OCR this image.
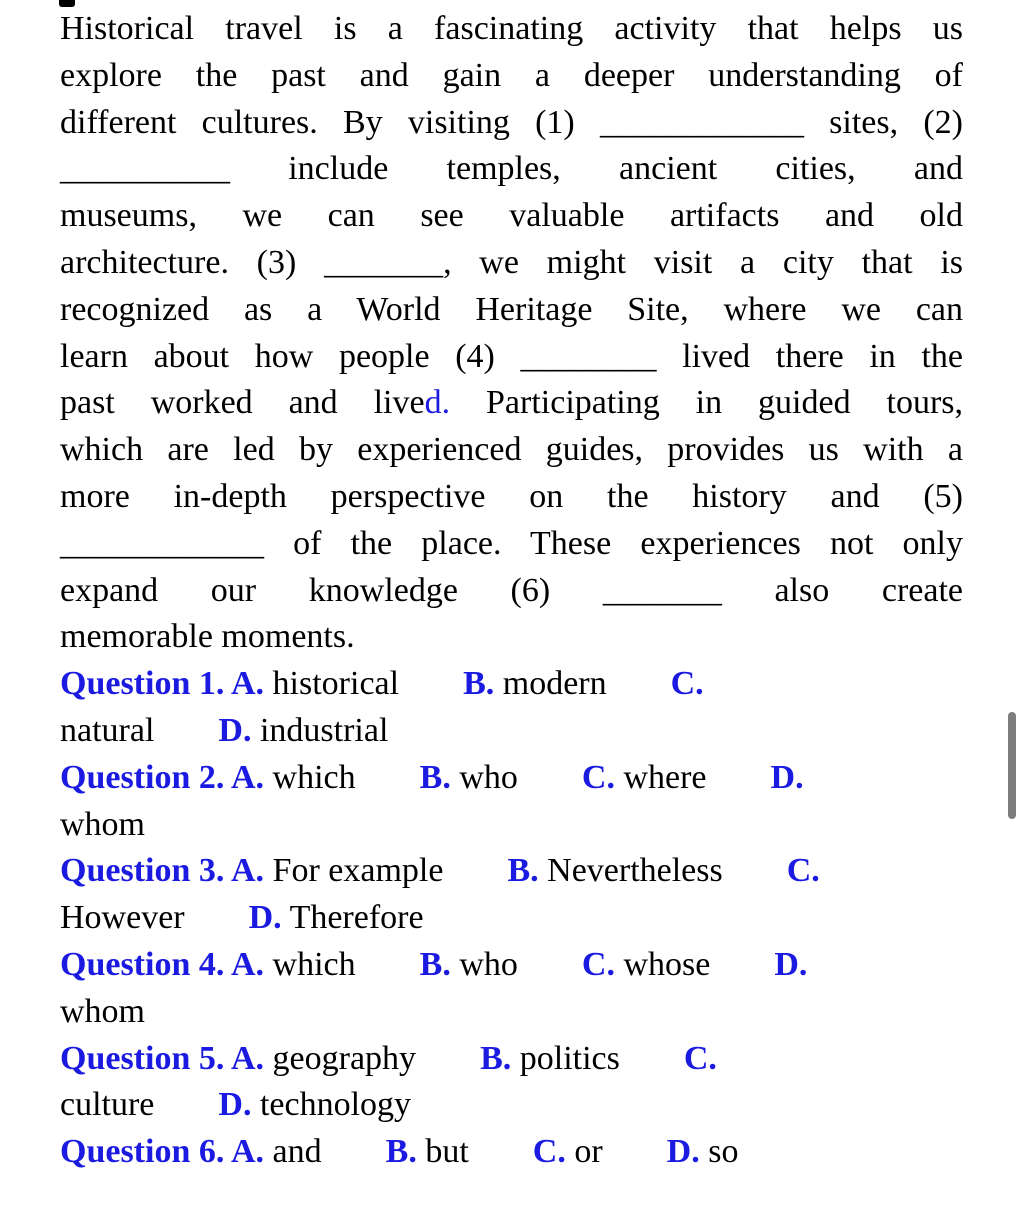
Historical travel is a fascinating activity that helps us
explore the past and gain a deeper understanding of
different cultures. By visiting (1) ____________ sites, (2)
__________ include temples, ancient cities, and
museums, we can see valuable artifacts and old
architecture. (3) _______, we might visit a city that is
recognized as a World Heritage Site, where we can
learn about how people (4) ________ lived there in the
past worked and lived. Participating in guided tours,
which are led by experienced guides, provides us with a
more in-depth perspective on the history and (5)
____________ of the place. These experiences not only
expand our knowledge (6) _______ also create
memorable moments.
Question 1. A. historical B. modern C.
natural D. industrial
Question 2. A. which B. who C. where D.
whom
Question 3. A. For example B. Nevertheless C.
However D. Therefore
Question 4. A. which B. who C. whose D.
whom
Question 5. A. geography B. politics C.
culture D. technology
Question 6. A. and B. but C. or D. so
